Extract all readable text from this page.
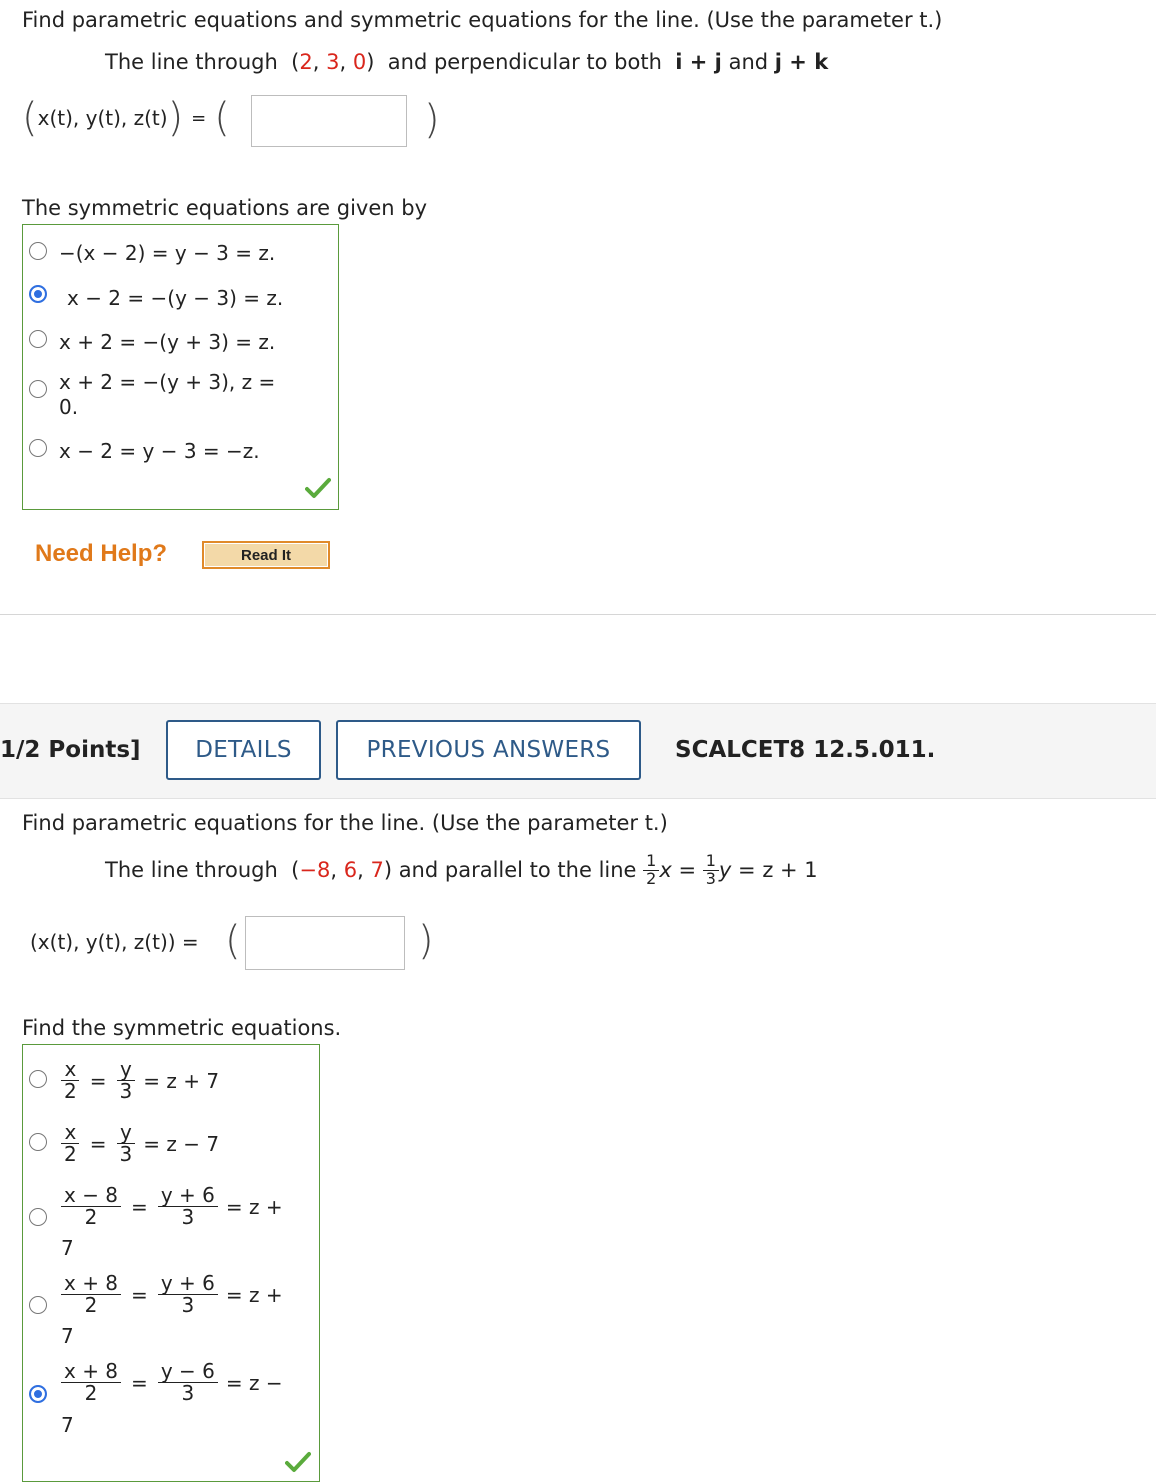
Find parametric equations and symmetric equations for the line. (Use the parameter t.)
The line through  (2, 3, 0)  and perpendicular to both i + j and j + k
( x(t), y(t), z(t) ) = (	)
The symmetric equations are given by
−(x − 2) = y − 3 = z.
x − 2 = −(y − 3) = z.
x + 2 = −(y + 3) = z.
x + 2 = −(y + 3), z =
0.
x − 2 = y − 3 = −z.
Need Help?	Read It
1/2 Points]	DETAILS	PREVIOUS ANSWERS	SCALCET8 12.5.011.
Find parametric equations for the line. (Use the parameter t.)
The line through ( −8 , 6 , 7 ) and parallel to the line
$\frac{1}{2}$ $x = \frac{1}{3}$ y
= z + 1
(x(t), y(t), z(t)) = (	)
Find the symmetric equations.
$\frac{x}{2} = \frac{y}{3} = z + 7$
$\frac{x}{2} = \frac{y}{3} = z - 7$
$\frac{x - 8}{2} = \frac{y + 6}{3} = z$ +
7
$\frac{x + 8}{2} = \frac{y + 6}{3} = z$ +
7
$\frac{x + 8}{2} = \frac{y - 6}{3} = z$ −
7
